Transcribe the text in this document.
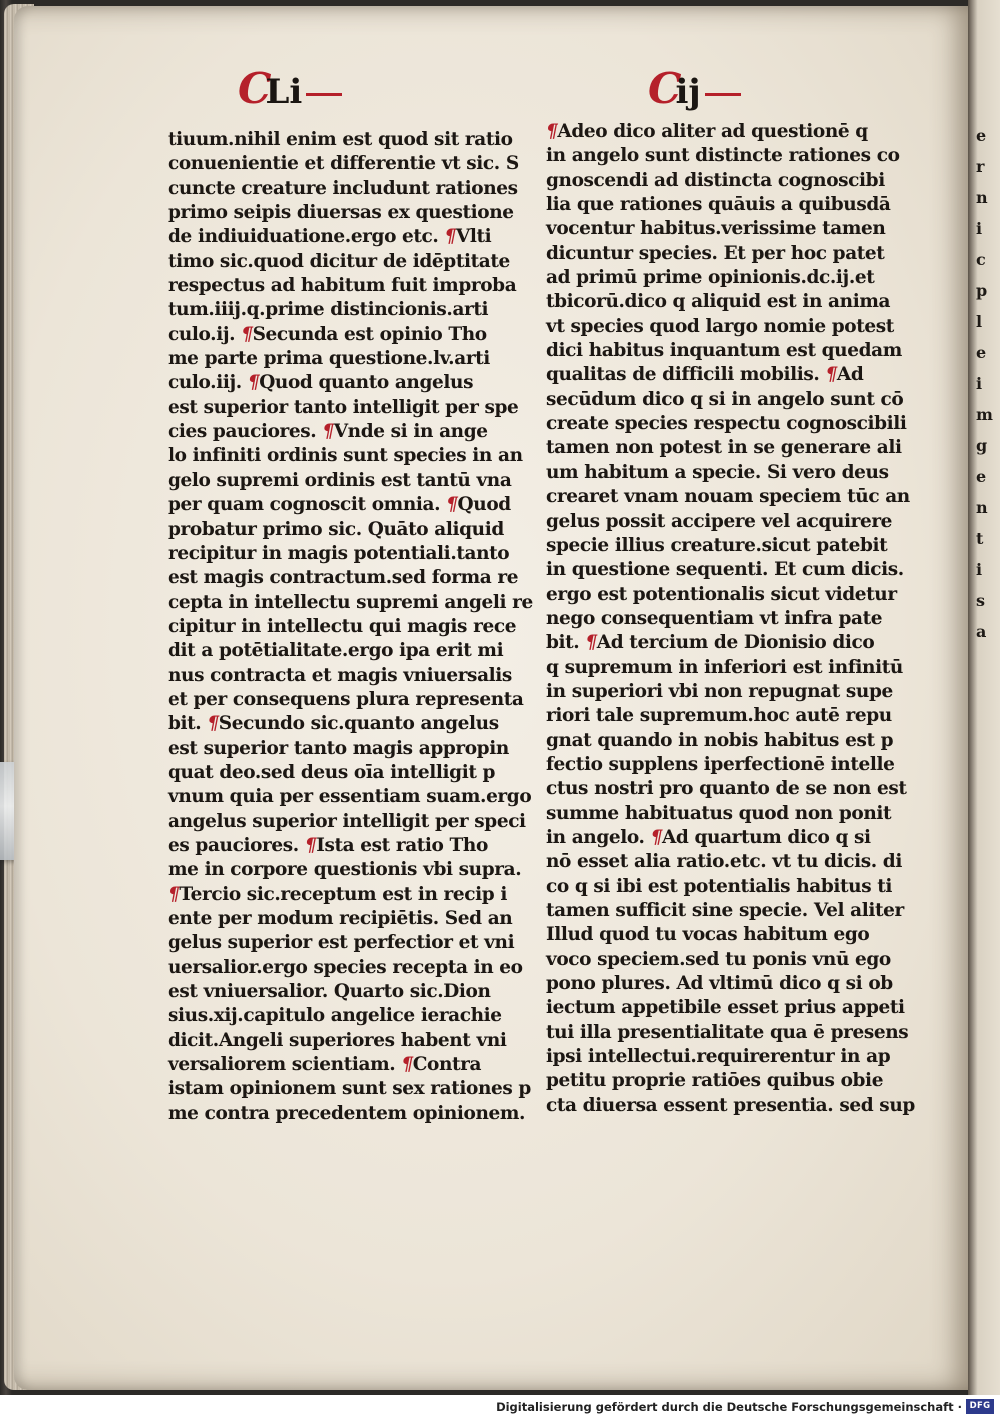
e
r
n
i
c
p
l
e
i
m
g
e
n
t
i
s
a
CLi	Cij
tiuum.nihil enim est quod sit ratio
conuenientie et differentie vt sic. S
cuncte creature includunt rationes
primo seipis diuersas ex questione
de indiuiduatione.ergo etc. ¶Vlti
timo sic.quod dicitur de idēptitate
respectus ad habitum fuit improba
tum.iiij.q.prime distincionis.arti
culo.ij. ¶Secunda est opinio Tho
me parte prima questione.lv.arti
culo.iij. ¶Quod quanto angelus
est superior tanto intelligit per spe
cies pauciores. ¶Vnde si in ange
lo infiniti ordinis sunt species in an
gelo supremi ordinis est tantū vna
per quam cognoscit omnia. ¶Quod
probatur primo sic. Quāto aliquid
recipitur in magis potentiali.tanto
est magis contractum.sed forma re
cepta in intellectu supremi angeli re
cipitur in intellectu qui magis rece
dit a potētialitate.ergo ipa erit mi
nus contracta et magis vniuersalis
et per consequens plura representa
bit. ¶Secundo sic.quanto angelus
est superior tanto magis appropin
quat deo.sed deus oīa intelligit p
vnum quia per essentiam suam.ergo
angelus superior intelligit per speci
es pauciores. ¶Ista est ratio Tho
me in corpore questionis vbi supra.
¶Tercio sic.receptum est in recip i
ente per modum recipiētis. Sed an
gelus superior est perfectior et vni
uersalior.ergo species recepta in eo
est vniuersalior. Quarto sic.Dion
sius.xij.capitulo angelice ierachie
dicit.Angeli superiores habent vni
versaliorem scientiam. ¶Contra
istam opinionem sunt sex rationes p
me contra precedentem opinionem.
¶Adeo dico aliter ad questionē q
in angelo sunt distincte rationes co
gnoscendi ad distincta cognoscibi
lia que rationes quāuis a quibusdā
vocentur habitus.verissime tamen
dicuntur species. Et per hoc patet
ad primū prime opinionis.dc.ij.et
tbicorū.dico q aliquid est in anima
vt species quod largo nomie potest
dici habitus inquantum est quedam
qualitas de difficili mobilis. ¶Ad
secūdum dico q si in angelo sunt cō
create species respectu cognoscibili
tamen non potest in se generare ali
um habitum a specie. Si vero deus
crearet vnam nouam speciem tūc an
gelus possit accipere vel acquirere
specie illius creature.sicut patebit
in questione sequenti. Et cum dicis.
ergo est potentionalis sicut videtur
nego consequentiam vt infra pate
bit. ¶Ad tercium de Dionisio dico
q supremum in inferiori est infinitū
in superiori vbi non repugnat supe
riori tale supremum.hoc autē repu
gnat quando in nobis habitus est p
fectio supplens iperfectionē intelle
ctus nostri pro quanto de se non est
summe habituatus quod non ponit
in angelo. ¶Ad quartum dico q si
nō esset alia ratio.etc. vt tu dicis. di
co q si ibi est potentialis habitus ti
tamen sufficit sine specie. Vel aliter
Illud quod tu vocas habitum ego
voco speciem.sed tu ponis vnū ego
pono plures. Ad vltimū dico q si ob
iectum appetibile esset prius appeti
tui illa presentialitate qua ē presens
ipsi intellectui.requirerentur in ap
petitu proprie ratiōes quibus obie
cta diuersa essent presentia. sed sup
Digitalisierung gefördert durch die Deutsche Forschungsgemeinschaft · DFG
